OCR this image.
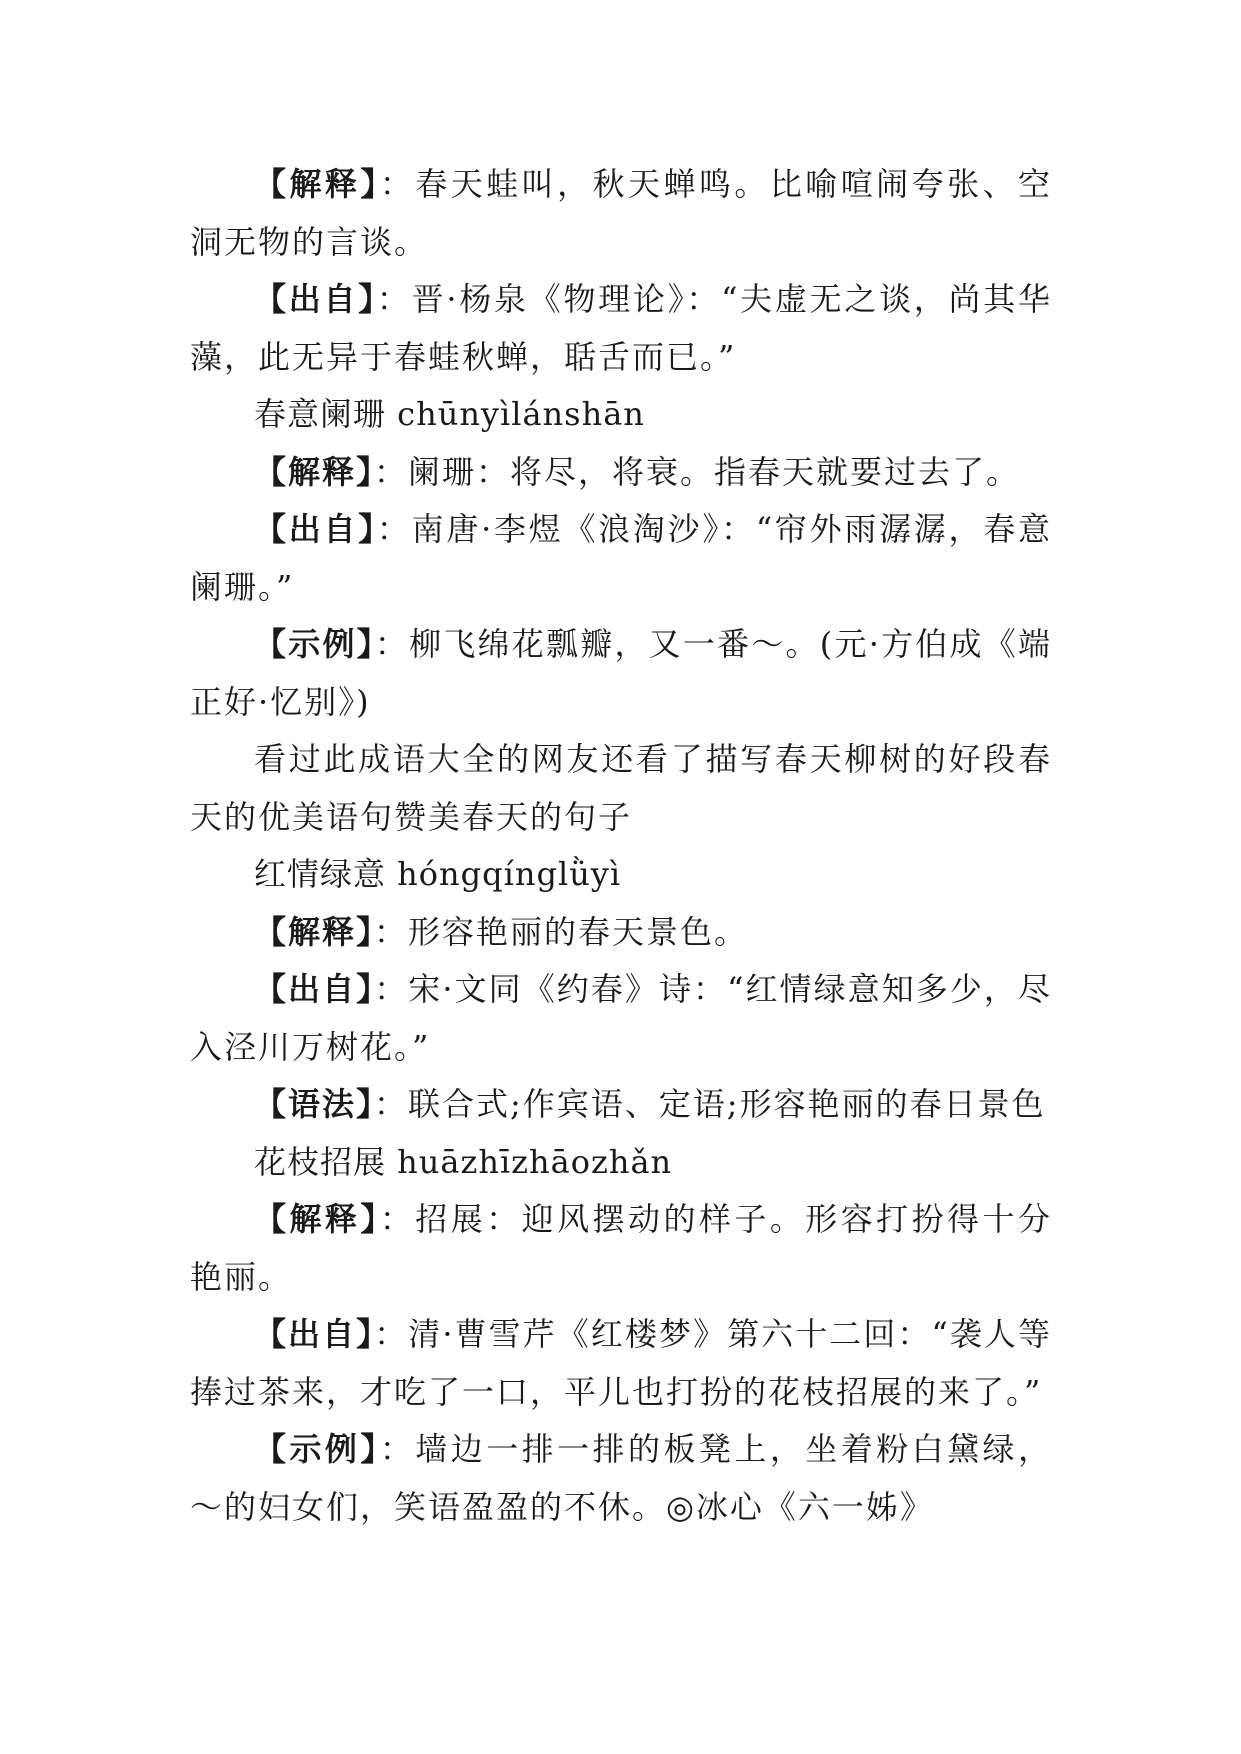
【解释】：春天蛙叫，秋天蝉鸣。比喻喧闹夸张、空洞无物的言谈。

【出自】：晋·杨泉《物理论》：“夫虚无之谈，尚其华藻，此无异于春蛙秋蝉，聒舌而已。”

春意阑珊 chūnyìlánshān

【解释】：阑珊：将尽，将衰。指春天就要过去了。

【出自】：南唐·李煜《浪淘沙》：“帘外雨潺潺，春意阑珊。”

【示例】：柳飞绵花瓢瓣，又一番～。(元·方伯成《端正好·忆别》)

看过此成语大全的网友还看了描写春天柳树的好段春天的优美语句赞美春天的句子

红情绿意 hóngqínglǜyì

【解释】：形容艳丽的春天景色。

【出自】：宋·文同《约春》诗：“红情绿意知多少，尽入泾川万树花。”

【语法】：联合式;作宾语、定语;形容艳丽的春日景色

花枝招展 huāzhīzhāozhǎn

【解释】：招展：迎风摆动的样子。形容打扮得十分艳丽。

【出自】：清·曹雪芹《红楼梦》第六十二回：“袭人等捧过茶来，才吃了一口，平儿也打扮的花枝招展的来了。”

【示例】：墙边一排一排的板凳上，坐着粉白黛绿，～的妇女们，笑语盈盈的不休。◎冰心《六一姊》
